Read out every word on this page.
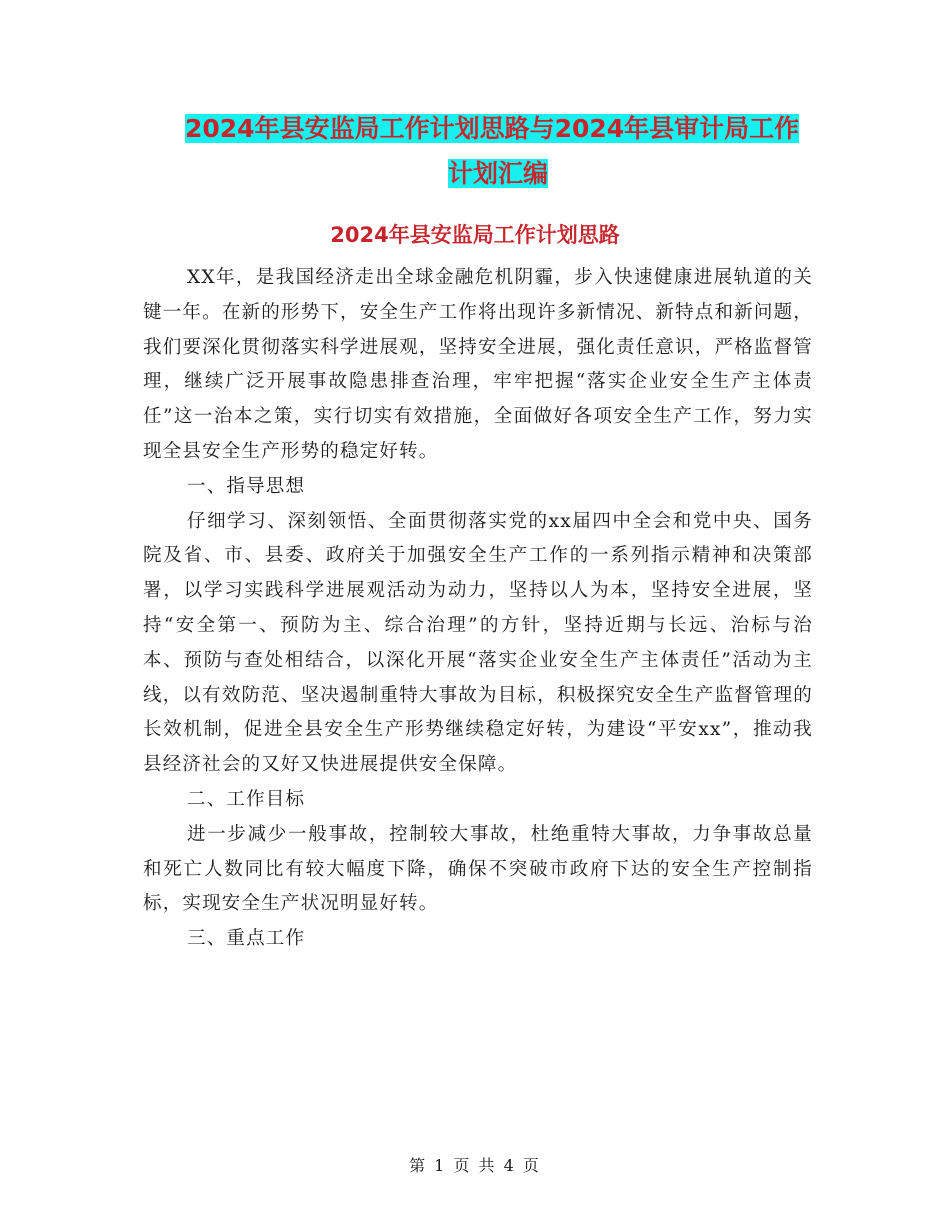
2024年县安监局工作计划思路与2024年县审计局工作
计划汇编
2024年县安监局工作计划思路

XX年，是我国经济走出全球金融危机阴霾，步入快速健康进展轨道的关键一年。在新的形势下，安全生产工作将出现许多新情况、新特点和新问题，我们要深化贯彻落实科学进展观，坚持安全进展，强化责任意识，严格监督管理，继续广泛开展事故隐患排查治理，牢牢把握“落实企业安全生产主体责任”这一治本之策，实行切实有效措施，全面做好各项安全生产工作，努力实现全县安全生产形势的稳定好转。

一、指导思想

仔细学习、深刻领悟、全面贯彻落实党的xx届四中全会和党中央、国务院及省、市、县委、政府关于加强安全生产工作的一系列指示精神和决策部署，以学习实践科学进展观活动为动力，坚持以人为本，坚持安全进展，坚持“安全第一、预防为主、综合治理”的方针，坚持近期与长远、治标与治本、预防与查处相结合，以深化开展“落实企业安全生产主体责任”活动为主线，以有效防范、坚决遏制重特大事故为目标，积极探究安全生产监督管理的长效机制，促进全县安全生产形势继续稳定好转，为建设“平安xx”，推动我县经济社会的又好又快进展提供安全保障。

二、工作目标

进一步减少一般事故，控制较大事故，杜绝重特大事故，力争事故总量和死亡人数同比有较大幅度下降，确保不突破市政府下达的安全生产控制指标，实现安全生产状况明显好转。

三、重点工作

第 1 页 共 4 页
